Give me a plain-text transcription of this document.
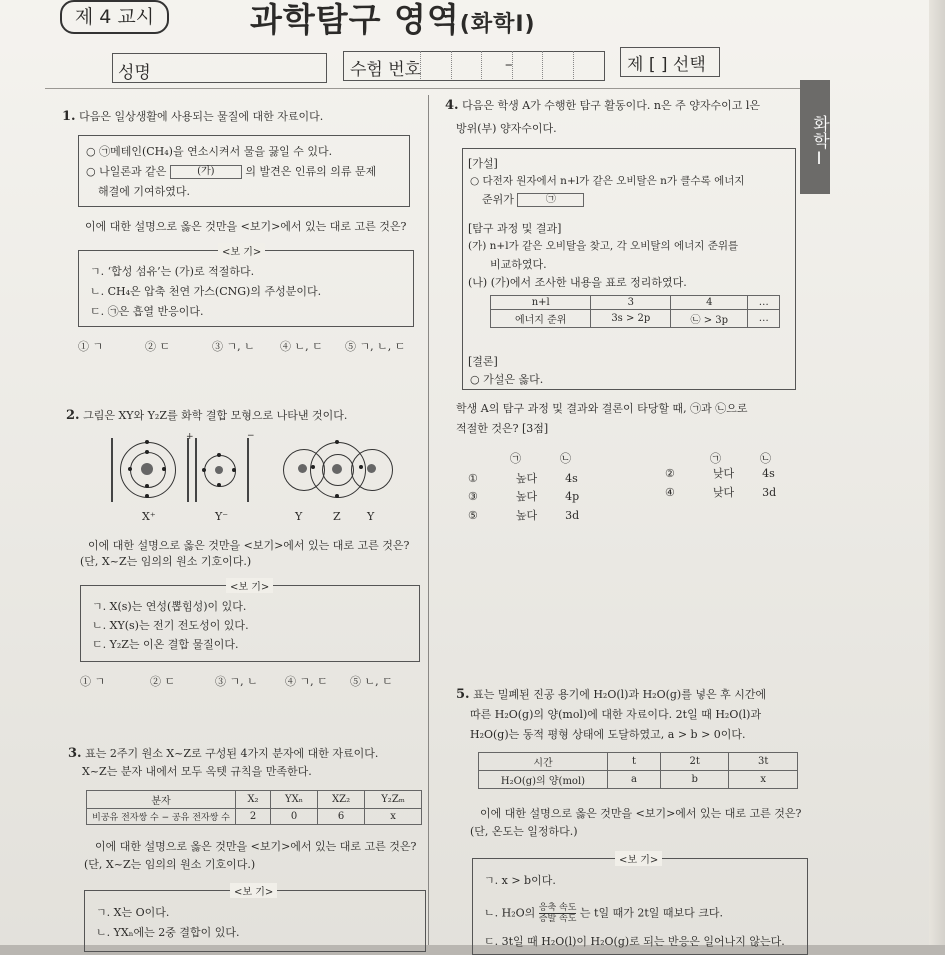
제 4 교시	과학탐구 영역(화학Ⅰ)
성명	수험 번호	–	제 [ ] 선택
화학Ⅰ
1. 다음은 일상생활에 사용되는 물질에 대한 자료이다.
○ ㉠메테인(CH₄)을 연소시켜서 물을 끓일 수 있다.
○ 나일론과 같은	(가)	의 발견은 인류의 의류 문제
해결에 기여하였다.
이에 대한 설명으로 옳은 것만을 <보기>에서 있는 대로 고른 것은?
<보 기>
ㄱ. ‘합성 섬유’는 (가)로 적절하다.
ㄴ. CH₄은 압축 천연 가스(CNG)의 주성분이다.
ㄷ. ㉠은 흡열 반응이다.
① ㄱ	② ㄷ	③ ㄱ, ㄴ ④ ㄴ, ㄷ ⑤ ㄱ, ㄴ, ㄷ
2. 그림은 XY와 Y₂Z를 화학 결합 모형으로 나타낸 것이다.
+
X⁺
−
Y⁻	Y	Z Y
이에 대한 설명으로 옳은 것만을 <보기>에서 있는 대로 고른 것은?
(단, X~Z는 임의의 원소 기호이다.)
<보 기>
ㄱ. X(s)는 연성(뽑힘성)이 있다.
ㄴ. XY(s)는 전기 전도성이 있다.
ㄷ. Y₂Z는 이온 결합 물질이다.
① ㄱ	② ㄷ	③ ㄱ, ㄴ ④ ㄱ, ㄷ ⑤ ㄴ, ㄷ
3. 표는 2주기 원소 X~Z로 구성된 4가지 분자에 대한 자료이다.
X~Z는 분자 내에서 모두 옥텟 규칙을 만족한다.
분자	X₂	YXₙ	XZ₂	Y₂Zₘ
비공유 전자쌍 수 − 공유 전자쌍 수	2	0	6	x
이에 대한 설명으로 옳은 것만을 <보기>에서 있는 대로 고른 것은?
(단, X~Z는 임의의 원소 기호이다.)
<보 기>
ㄱ. X는 O이다.
ㄴ. YXₙ에는 2중 결합이 있다.
4. 다음은 학생 A가 수행한 탐구 활동이다. n은 주 양자수이고 l은
방위(부) 양자수이다.
[가설]
○ 다전자 원자에서 n+l가 같은 오비탈은 n가 클수록 에너지
준위가	㉠
[탐구 과정 및 결과]
(가) n+l가 같은 오비탈을 찾고, 각 오비탈의 에너지 준위를
비교하였다.
(나) (가)에서 조사한 내용을 표로 정리하였다.
n+l	3	4	…
에너지 준위	3s > 2p	㉡ > 3p	…
[결론]
○ 가설은 옳다.
학생 A의 탐구 과정 및 결과와 결론이 타당할 때, ㉠과 ㉡으로
적절한 것은? [3점]
㉠	㉡	㉠	㉡
①	높다	4s	②	낮다	4s
③	높다	4p	④	낮다	3d
⑤	높다	3d
5. 표는 밀폐된 진공 용기에 H₂O(l)과 H₂O(g)를 넣은 후 시간에
따른 H₂O(g)의 양(mol)에 대한 자료이다. 2t일 때 H₂O(l)과
H₂O(g)는 동적 평형 상태에 도달하였고, a > b > 0이다.
시간	t	2t	3t
H₂O(g)의 양(mol)	a	b	x
이에 대한 설명으로 옳은 것만을 <보기>에서 있는 대로 고른 것은?
(단, 온도는 일정하다.)
<보 기>
ㄱ. x > b이다.
ㄴ. H₂O의 응축 속도
증발 속도 는 t일 때가 2t일 때보다 크다.
ㄷ. 3t일 때 H₂O(l)이 H₂O(g)로 되는 반응은 일어나지 않는다.
